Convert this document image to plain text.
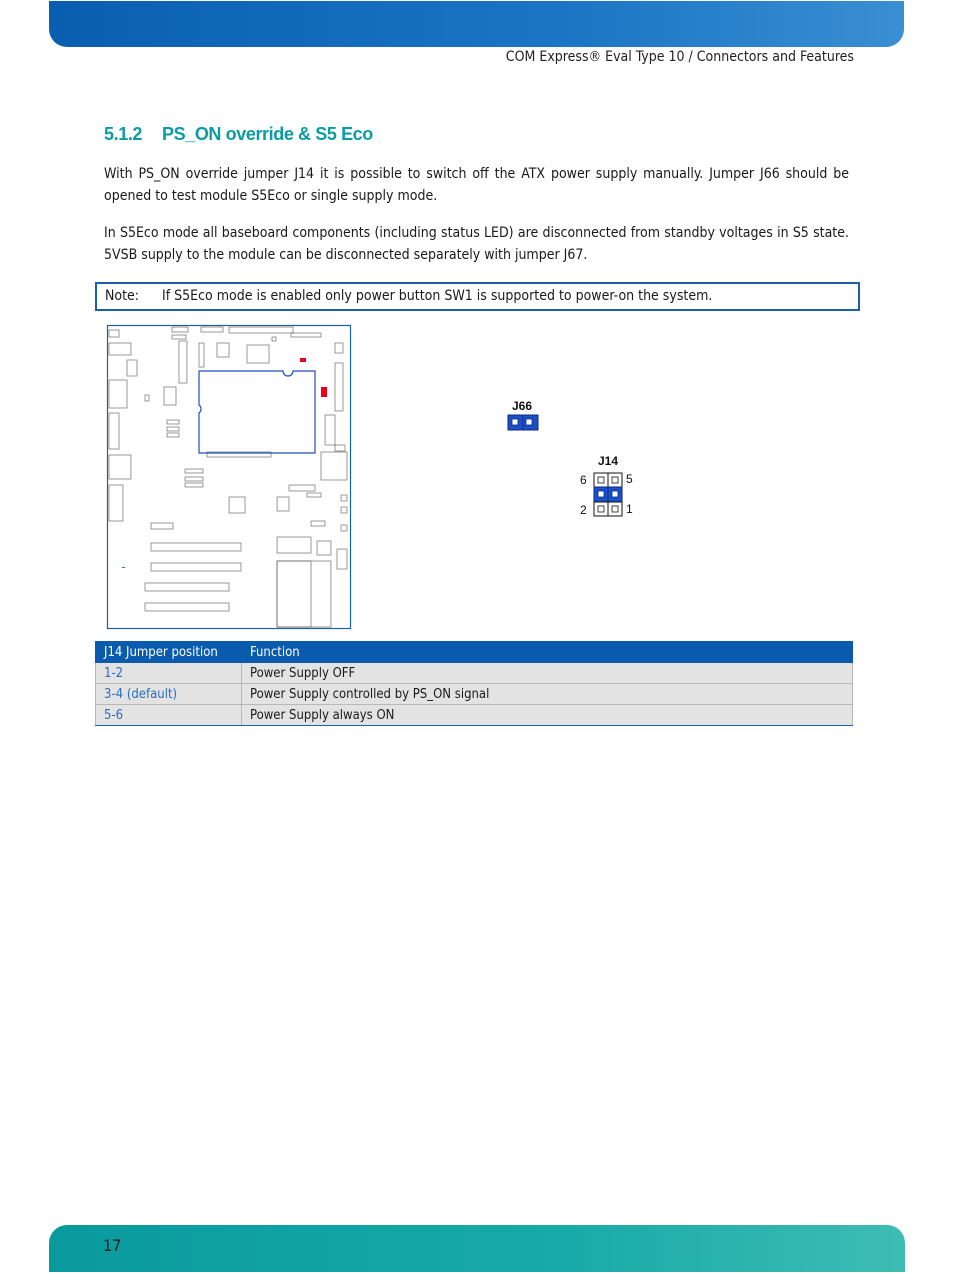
COM Express® Eval Type 10 / Connectors and Features
5.1.2 PS_ON override & S5 Eco
With PS_ON override jumper J14 it is possible to switch off the ATX power supply manually. Jumper J66 should be opened to test module S5Eco or single supply mode.
In S5Eco mode all baseboard components (including status LED) are disconnected from standby voltages in S5 state. 5VSB supply to the module can be disconnected separately with jumper J67.
Note: If S5Eco mode is enabled only power button SW1 is supported to power-on the system.
J66
J14
6	5
2	1
J14 Jumper position	Function
1-2	Power Supply OFF
3-4 (default)	Power Supply controlled by PS_ON signal
5-6	Power Supply always ON
17
